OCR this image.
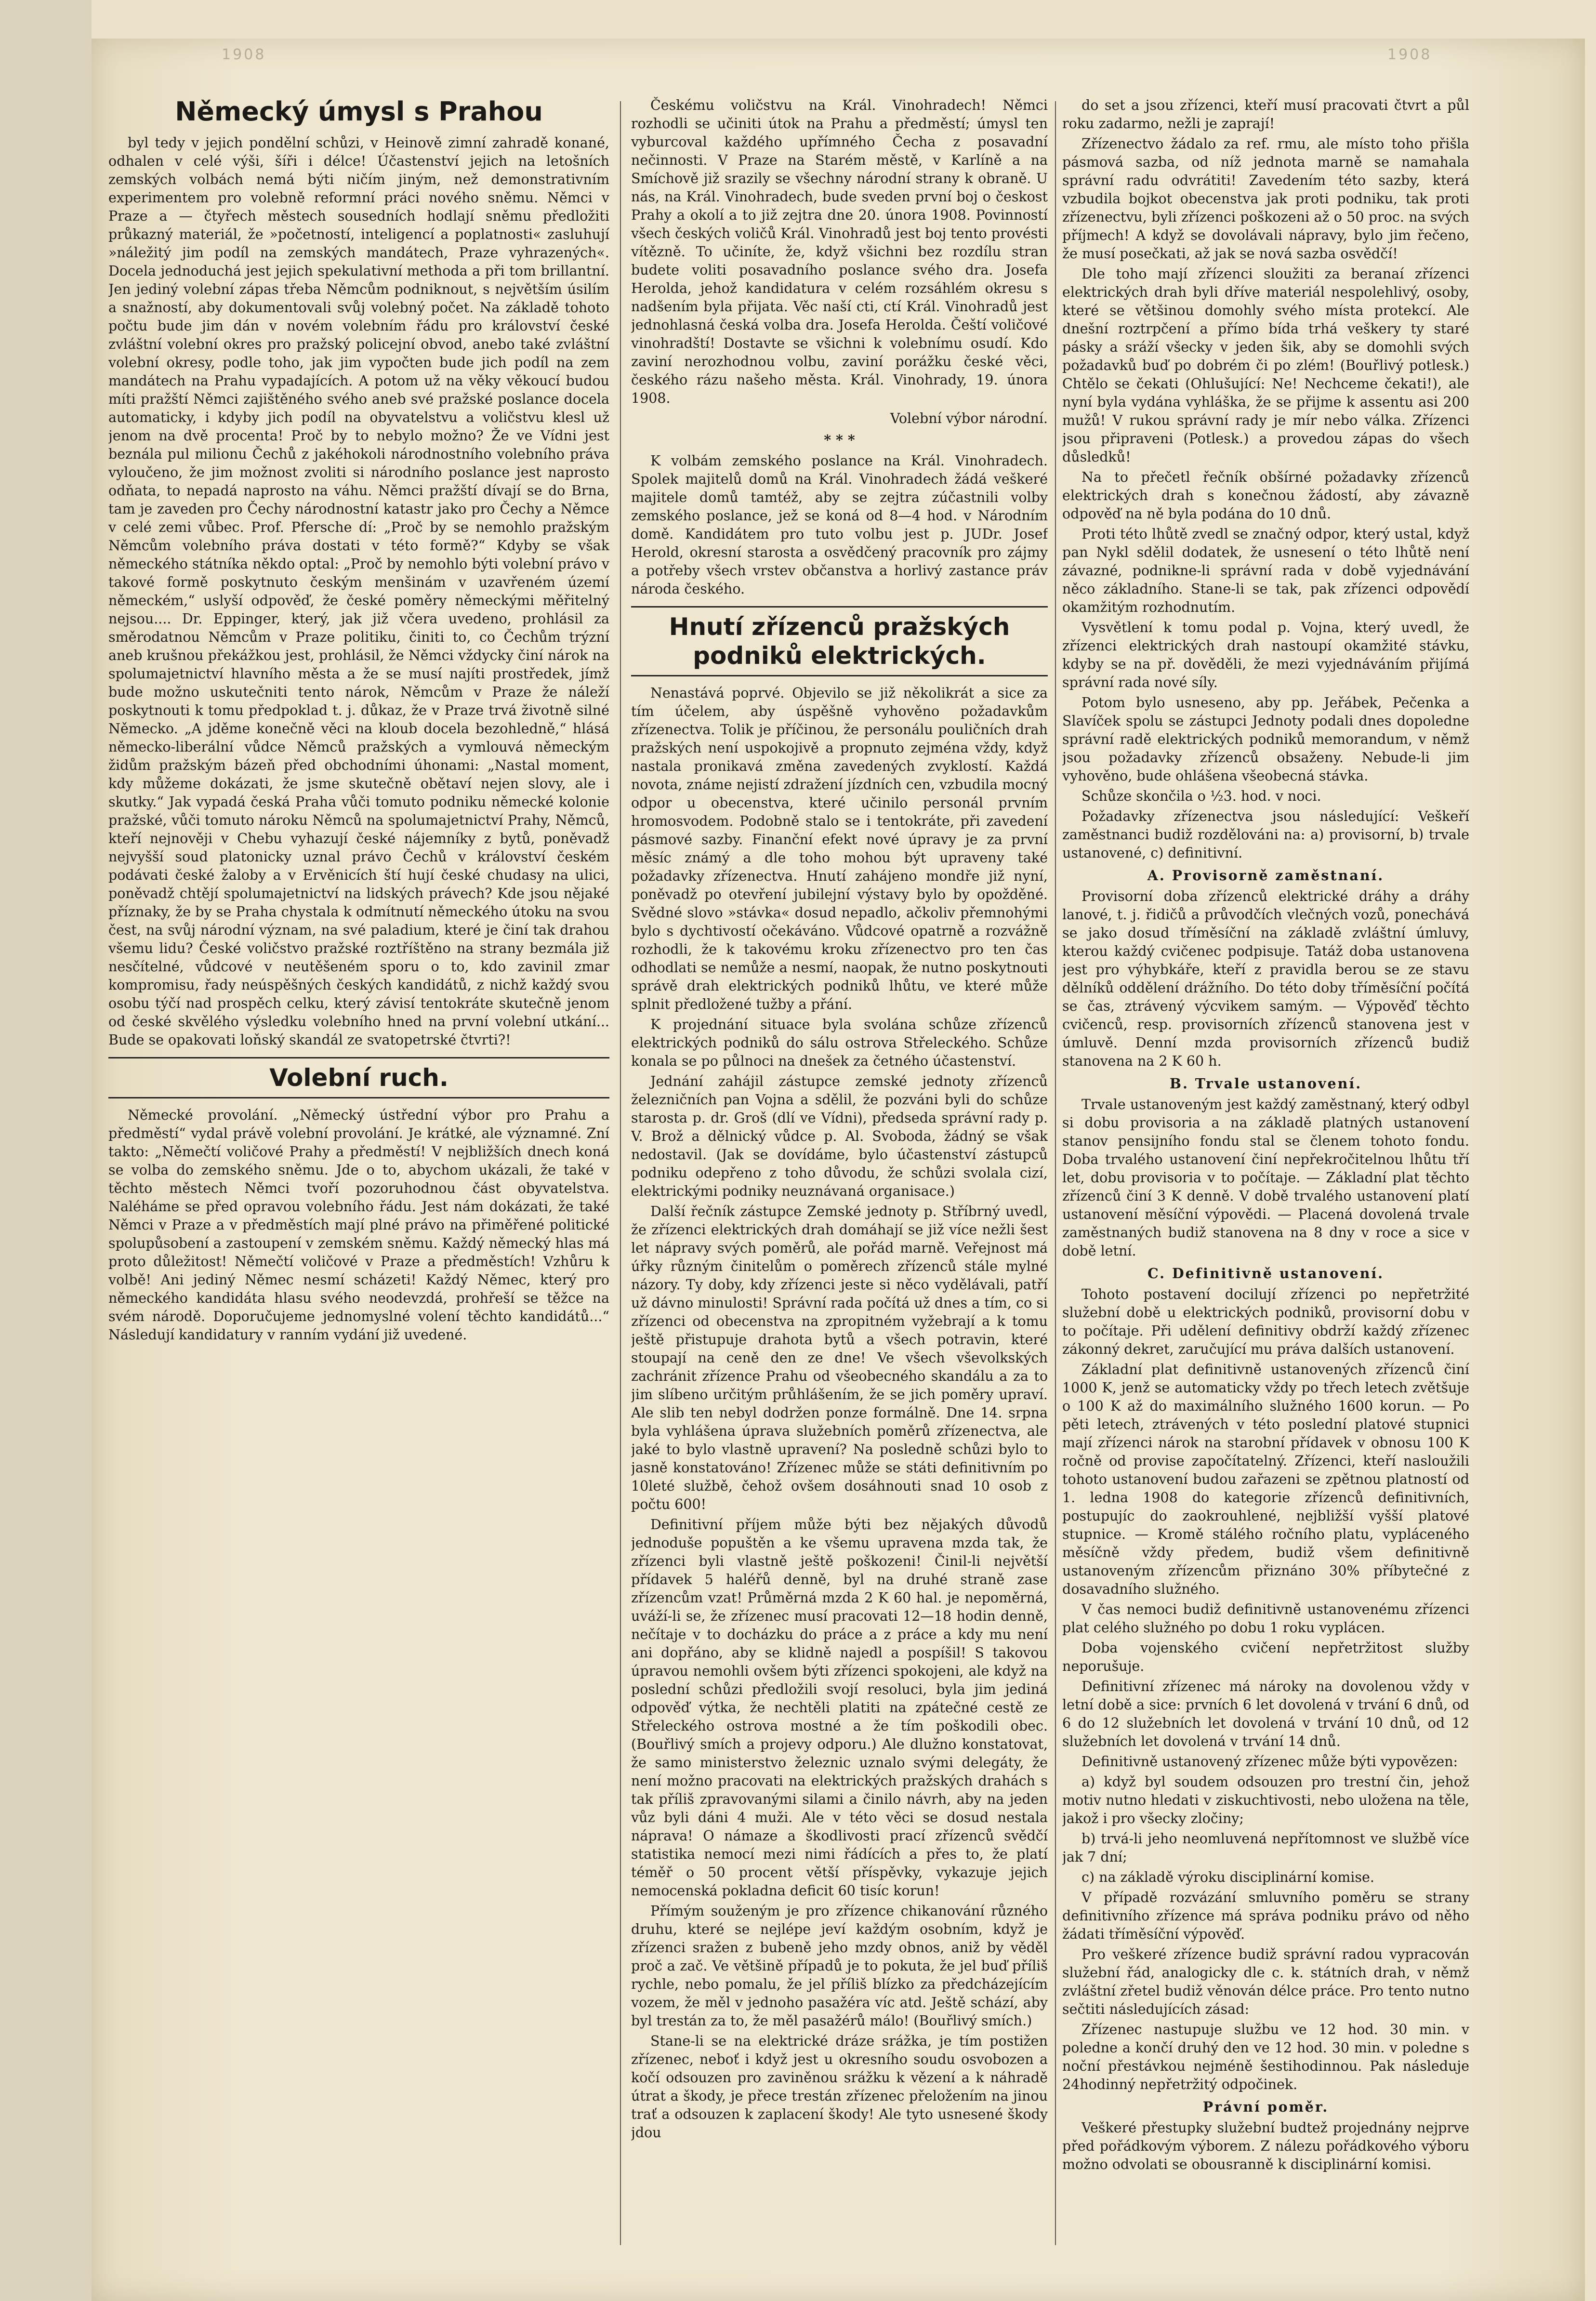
1908	1908
Německý úmysl s Prahou

byl tedy v jejich pondělní schůzi, v Heinově zimní zahradě konané, odhalen v celé výši, šíři i délce! Účastenství jejich na letošních zemských volbách nemá býti ničím jiným, než demonstrativním experimentem pro volebně reformní práci nového sněmu. Němci v Praze a — čtyřech městech sousedních hodlají sněmu předložiti průkazný materiál, že »početností, inteligencí a poplatnosti« zasluhují »náležitý jim podíl na zemských mandátech, Praze vyhrazených«. Docela jednoduchá jest jejich spekulativní methoda a při tom brillantní. Jen jediný volební zápas třeba Němcům podniknout, s největším úsilím a snažností, aby dokumentovali svůj volebný počet. Na základě tohoto počtu bude jim dán v novém volebním řádu pro království české zvláštní volební okres pro pražský policejní obvod, anebo také zvláštní volební okresy, podle toho, jak jim vypočten bude jich podíl na zem mandátech na Prahu vypadajících. A potom už na věky věkoucí budou míti pražští Němci zajištěného svého aneb své pražské poslance docela automaticky, i kdyby jich podíl na obyvatelstvu a voličstvu klesl už jenom na dvě procenta! Proč by to nebylo možno? Že ve Vídni jest beznála pul milionu Čechů z jakéhokoli národnostního volebního práva vyloučeno, že jim možnost zvoliti si národního poslance jest naprosto odňata, to nepadá naprosto na váhu. Němci pražští dívají se do Brna, tam je zaveden pro Čechy národnostní katastr jako pro Čechy a Němce v celé zemi vůbec. Prof. Pfersche dí: „Proč by se nemohlo pražským Němcům volebního práva dostati v této formě?“ Kdyby se však německého státníka někdo optal: „Proč by nemohlo býti volební právo v takové formě poskytnuto českým menšinám v uzavřeném území německém,“ uslyší odpověď, že české poměry německými měřitelný nejsou.... Dr. Eppinger, který, jak již včera uvedeno, prohlásil za směrodatnou Němcům v Praze politiku, činiti to, co Čechům trýzní aneb krušnou překážkou jest, prohlásil, že Němci vždycky činí nárok na spolumajetnictví hlavního města a že se musí najíti prostředek, jímž bude možno uskutečniti tento nárok, Němcům v Praze že náleží poskytnouti k tomu předpoklad t. j. důkaz, že v Praze trvá životně silné Německo. „A jděme konečně věci na kloub docela bezohledně,“ hlásá německo-liberální vůdce Němců pražských a vymlouvá německým židům pražským bázeň před obchodními úhonami: „Nastal moment, kdy můžeme dokázati, že jsme skutečně obětaví nejen slovy, ale i skutky.“ Jak vypadá česká Praha vůči tomuto podniku německé kolonie pražské, vůči tomuto nároku Němců na spolumajetnictví Prahy, Němců, kteří nejnověji v Chebu vyhazují české nájemníky z bytů, poněvadž nejvyšší soud platonicky uznal právo Čechů v království českém podávati české žaloby a v Ervěnicích ští hují české chudasy na ulici, poněvadž chtějí spolumajetnictví na lidských právech? Kde jsou nějaké příznaky, že by se Praha chystala k odmítnutí německého útoku na svou čest, na svůj národní význam, na své paladium, které je činí tak drahou všemu lidu? České voličstvo pražské roztříštěno na strany bezmála již nesčítelné, vůdcové v neutěšeném sporu o to, kdo zavinil zmar kompromisu, řady neúspěšných českých kandidátů, z nichž každý svou osobu týčí nad prospěch celku, který závisí tentokráte skutečně jenom od české skvělého výsledku volebního hned na první volební utkání... Bude se opakovati loňský skandál ze svatopetrské čtvrti?!

Volební ruch.

Německé provolání. „Německý ústřední výbor pro Prahu a předměstí“ vydal právě volební provolání. Je krátké, ale významné. Zní takto: „Němečtí voličové Prahy a předměstí! V nejbližších dnech koná se volba do zemského sněmu. Jde o to, abychom ukázali, že také v těchto městech Němci tvoří pozoruhodnou část obyvatelstva. Naléháme se před opravou volebního řádu. Jest nám dokázati, že také Němci v Praze a v předměstích mají plné právo na přiměřené politické spolupůsobení a zastoupení v zemském sněmu. Každý německý hlas má proto důležitost! Němečtí voličové v Praze a předměstích! Vzhůru k volbě! Ani jediný Němec nesmí scházeti! Každý Němec, který pro německého kandidáta hlasu svého neodevzdá, prohřeší se těžce na svém národě. Doporučujeme jednomyslné volení těchto kandidátů...“ Následují kandidatury v ranním vydání již uvedené.

Českému voličstvu na Král. Vinohradech! Němci rozhodli se učiniti útok na Prahu a předměstí; úmysl ten vyburcoval každého upřímného Čecha z posavadní nečinnosti. V Praze na Starém městě, v Karlíně a na Smíchově již srazily se všechny národní strany k obraně. U nás, na Král. Vinohradech, bude sveden první boj o českost Prahy a okolí a to již zejtra dne 20. února 1908. Povinností všech českých voličů Král. Vinohradů jest boj tento provésti vítězně. To učiníte, že, když všichni bez rozdílu stran budete voliti posavadního poslance svého dra. Josefa Herolda, jehož kandidatura v celém rozsáhlém okresu s nadšením byla přijata. Věc naší cti, ctí Král. Vinohradů jest jednohlasná česká volba dra. Josefa Herolda. Čeští voličové vinohradští! Dostavte se všichni k volebnímu osudí. Kdo zaviní nerozhodnou volbu, zaviní porážku české věci, českého rázu našeho města. Král. Vinohrady, 19. února 1908.

Volební výbor národní.

* * *

K volbám zemského poslance na Král. Vinohradech. Spolek majitelů domů na Král. Vinohradech žádá veškeré majitele domů tamtéž, aby se zejtra zúčastnili volby zemského poslance, jež se koná od 8—4 hod. v Národním domě. Kandidátem pro tuto volbu jest p. JUDr. Josef Herold, okresní starosta a osvědčený pracovník pro zájmy a potřeby všech vrstev občanstva a horlivý zastance práv národa českého.

Hnutí zřízenců pražských podniků elektrických.

Nenastává poprvé. Objevilo se již několikrát a sice za tím účelem, aby úspěšně vyhověno požadavkům zřízenectva. Tolik je příčinou, že personálu pouličních drah pražských není uspokojivě a propnuto zejména vždy, když nastala pronikavá změna zavedených zvyklostí. Každá novota, známe nejistí zdražení jízdních cen, vzbudila mocný odpor u obecenstva, které učinilo personál prvním hromosvodem. Podobně stalo se i tentokráte, při zavedení pásmové sazby. Finanční efekt nové úpravy je za první měsíc známý a dle toho mohou být upraveny také požadavky zřízenectva. Hnutí zahájeno mondře již nyní, poněvadž po otevření jubilejní výstavy bylo by opožděné. Svědné slovo »stávka« dosud nepadlo, ačkoliv přemnohými bylo s dychtivostí očekáváno. Vůdcové opatrně a rozvážně rozhodli, že k takovému kroku zřízenectvo pro ten čas odhodlati se nemůže a nesmí, naopak, že nutno poskytnouti správě drah elektrických podniků lhůtu, ve které může splnit předložené tužby a přání.

K projednání situace byla svolána schůze zřízenců elektrických podniků do sálu ostrova Střeleckého. Schůze konala se po půlnoci na dnešek za četného účastenství.

Jednání zahájil zástupce zemské jednoty zřízenců železničních pan Vojna a sdělil, že pozváni byli do schůze starosta p. dr. Groš (dlí ve Vídni), předseda správní rady p. V. Brož a dělnický vůdce p. Al. Svoboda, žádný se však nedostavil. (Jak se dovídáme, bylo účastenství zástupců podniku odepřeno z toho důvodu, že schůzi svolala cizí, elektrickými podniky neuznávaná organisace.)

Další řečník zástupce Zemské jednoty p. Stříbrný uvedl, že zřízenci elektrických drah domáhají se již více nežli šest let nápravy svých poměrů, ale pořád marně. Veřejnost má úřky různým činitelům o poměrech zřízenců stále mylné názory. Ty doby, kdy zřízenci jeste si něco vydělávali, patří už dávno minulosti! Správní rada počítá už dnes a tím, co si zřízenci od obecenstva na zpropitném vyžebrají a k tomu ještě přistupuje drahota bytů a všech potravin, které stoupají na ceně den ze dne! Ve všech vševolkských zachránit zřízence Prahu od všeobecného skandálu a za to jim slíbeno určitým průhlášením, že se jich poměry upraví. Ale slib ten nebyl dodržen ponze formálně. Dne 14. srpna byla vyhlášena úprava služebních poměrů zřízenectva, ale jaké to bylo vlastně upravení? Na posledně schůzi bylo to jasně konstatováno! Zřízenec může se státi definitivním po 10leté službě, čehož ovšem dosáhnouti snad 10 osob z počtu 600!

Definitivní příjem může býti bez nějakých důvodů jednoduše popuštěn a ke všemu upravena mzda tak, že zřízenci byli vlastně ještě poškozeni! Činil-li největší přídavek 5 haléřů denně, byl na druhé straně zase zřízencům vzat! Průměrná mzda 2 K 60 hal. je nepoměrná, uváží-li se, že zřízenec musí pracovati 12—18 hodin denně, nečítaje v to docházku do práce a z práce a kdy mu není ani dopřáno, aby se klidně najedl a pospíšil! S takovou úpravou nemohli ovšem býti zřízenci spokojeni, ale když na poslední schůzi předložili svojí resoluci, byla jim jediná odpověď výtka, že nechtěli platiti na zpátečné cestě ze Střeleckého ostrova mostné a že tím poškodili obec. (Bouřlivý smích a projevy odporu.) Ale dlužno konstatovat, že samo ministerstvo železnic uznalo svými delegáty, že není možno pracovati na elektrických pražských drahách s tak příliš zpravovanými silami a činilo návrh, aby na jeden vůz byli dáni 4 muži. Ale v této věci se dosud nestala náprava! O námaze a škodlivosti prací zřízenců svědčí statistika nemocí mezi nimi řádících a přes to, že platí téměř o 50 procent větší příspěvky, vykazuje jejich nemocenská pokladna deficit 60 tisíc korun!

Přímým souženým je pro zřízence chikanování různého druhu, které se nejlépe jeví každým osobním, když je zřízenci sražen z bubeně jeho mzdy obnos, aniž by věděl proč a zač. Ve většině případů je to pokuta, že jel buď příliš rychle, nebo pomalu, že jel příliš blízko za předcházejícím vozem, že měl v jednoho pasažéra víc atd. Ještě schází, aby byl trestán za to, že měl pasažérů málo! (Bouřlivý smích.)

Stane-li se na elektrické dráze srážka, je tím postižen zřízenec, neboť i když jest u okresního soudu osvobozen a kočí odsouzen pro zaviněnou srážku k vězení a k náhradě útrat a škody, je přece trestán zřízenec přeložením na jinou trať a odsouzen k zaplacení škody! Ale tyto usnesené škody jdou

do set a jsou zřízenci, kteří musí pracovati čtvrt a půl roku zadarmo, nežli je zaprají!

Zřízenectvo žádalo za ref. rmu, ale místo toho přišla pásmová sazba, od níž jednota marně se namahala správní radu odvrátiti! Zavedením této sazby, která vzbudila bojkot obecenstva jak proti podniku, tak proti zřízenectvu, byli zřízenci poškozeni až o 50 proc. na svých příjmech! A když se dovolávali nápravy, bylo jim řečeno, že musí posečkati, až jak se nová sazba osvědčí!

Dle toho mají zřízenci sloužiti za beranaí zřízenci elektrických drah byli dříve materiál nespolehlivý, osoby, které se většinou domohly svého místa protekcí. Ale dnešní roztrpčení a přímo bída trhá veškery ty staré pásky a sráží všecky v jeden šik, aby se domohli svých požadavků buď po dobrém či po zlém! (Bouřlivý potlesk.) Chtělo se čekati (Ohlušující: Ne! Nechceme čekati!), ale nyní byla vydána vyhláška, že se přijme k assentu asi 200 mužů! V rukou správní rady je mír nebo válka. Zřízenci jsou připraveni (Potlesk.) a provedou zápas do všech důsledků!

Na to přečetl řečník obšírné požadavky zřízenců elektrických drah s konečnou žádostí, aby závazně odpověď na ně byla podána do 10 dnů.

Proti této lhůtě zvedl se značný odpor, který ustal, když pan Nykl sdělil dodatek, že usnesení o této lhůtě není závazné, podnikne-li správní rada v době vyjednávání něco základního. Stane-li se tak, pak zřízenci odpovědí okamžitým rozhodnutím.

Vysvětlení k tomu podal p. Vojna, který uvedl, že zřízenci elektrických drah nastoupí okamžité stávku, kdyby se na př. dověděli, že mezi vyjednáváním přijímá správní rada nové síly.

Potom bylo usneseno, aby pp. Jeřábek, Pečenka a Slavíček spolu se zástupci Jednoty podali dnes dopoledne správní radě elektrických podniků memorandum, v němž jsou požadavky zřízenců obsaženy. Nebude-li jim vyhověno, bude ohlášena všeobecná stávka.

Schůze skončila o ½3. hod. v noci.

Požadavky zřízenectva jsou následující: Veškeří zaměstnanci budiž rozdělováni na: a) provisorní, b) trvale ustanovené, c) definitivní.

A. Provisorně zaměstnaní.

Provisorní doba zřízenců elektrické dráhy a dráhy lanové, t. j. řidičů a průvodčích vlečných vozů, ponechává se jako dosud tříměsíční na základě zvláštní úmluvy, kterou každý cvičenec podpisuje. Tatáž doba ustanovena jest pro výhybkáře, kteří z pravidla berou se ze stavu dělníků oddělení drážního. Do této doby tříměsíční počítá se čas, ztrávený výcvikem samým. — Výpověď těchto cvičenců, resp. provisorních zřízenců stanovena jest v úmluvě. Denní mzda provisorních zřízenců budiž stanovena na 2 K 60 h.

B. Trvale ustanovení.

Trvale ustanoveným jest každý zaměstnaný, který odbyl si dobu provisoria a na základě platných ustanovení stanov pensijního fondu stal se členem tohoto fondu. Doba trvalého ustanovení činí nepřekročitelnou lhůtu tří let, dobu provisoria v to počítaje. — Základní plat těchto zřízenců činí 3 K denně. V době trvalého ustanovení platí ustanovení měsíční výpovědi. — Placená dovolená trvale zaměstnaných budiž stanovena na 8 dny v roce a sice v době letní.

C. Definitivně ustanovení.

Tohoto postavení docilují zřízenci po nepřetržité služební době u elektrických podniků, provisorní dobu v to počítaje. Při udělení definitivy obdrží každý zřízenec zákonný dekret, zaručující mu práva dalších ustanovení.

Základní plat definitivně ustanovených zřízenců činí 1000 K, jenž se automaticky vždy po třech letech zvětšuje o 100 K až do maximálního služného 1600 korun. — Po pěti letech, ztrávených v této poslední platové stupnici mají zřízenci nárok na starobní přídavek v obnosu 100 K ročně od provise započítatelný. Zřízenci, kteří nasloužili tohoto ustanovení budou zařazeni se zpětnou platností od 1. ledna 1908 do kategorie zřízenců definitivních, postupujíc do zaokrouhlené, nejbližší vyšší platové stupnice. — Kromě stálého ročního platu, vypláceného měsíčně vždy předem, budiž všem definitivně ustanoveným zřízencům přiznáno 30% příbytečné z dosavadního služného.

V čas nemoci budiž definitivně ustanovenému zřízenci plat celého služného po dobu 1 roku vyplácen.

Doba vojenského cvičení nepřetržitost služby neporušuje.

Definitivní zřízenec má nároky na dovolenou vždy v letní době a sice: prvních 6 let dovolená v trvání 6 dnů, od 6 do 12 služebních let dovolená v trvání 10 dnů, od 12 služebních let dovolená v trvání 14 dnů.

Definitivně ustanovený zřízenec může býti vypovězen:

a) když byl soudem odsouzen pro trestní čin, jehož motiv nutno hledati v ziskuchtivosti, nebo uložena na těle, jakož i pro všecky zločiny;

b) trvá-li jeho neomluvená nepřítomnost ve službě více jak 7 dní;

c) na základě výroku disciplinární komise.

V případě rozvázání smluvního poměru se strany definitivního zřízence má správa podniku právo od něho žádati tříměsíční výpověď.

Pro veškeré zřízence budiž správní radou vypracován služební řád, analogicky dle c. k. státních drah, v němž zvláštní zřetel budiž věnován délce práce. Pro tento nutno sečtiti následujících zásad:

Zřízenec nastupuje službu ve 12 hod. 30 min. v poledne a končí druhý den ve 12 hod. 30 min. v poledne s noční přestávkou nejméně šestihodinnou. Pak následuje 24hodinný nepřetržitý odpočinek.

Právní poměr.

Veškeré přestupky služební budtež projednány nejprve před pořádkovým výborem. Z nálezu pořádkového výboru možno odvolati se obousranně k disciplinární komisi.
